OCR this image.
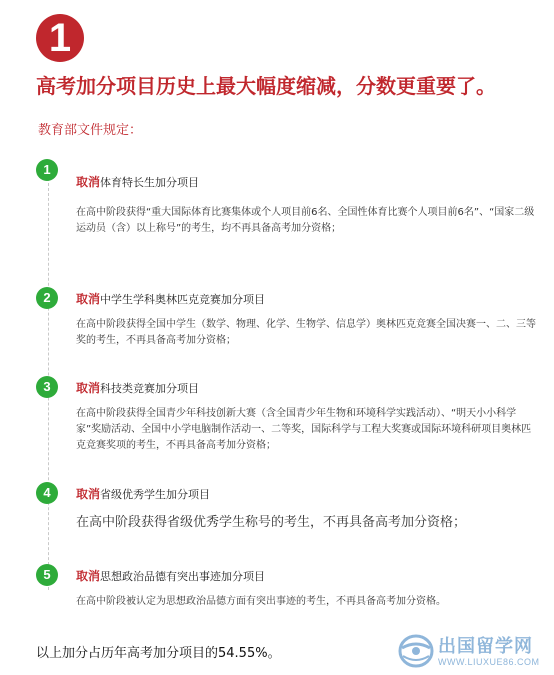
1
高考加分项目历史上最大幅度缩减，分数更重要了。
教育部文件规定：
1
取消体育特长生加分项目
在高中阶段获得“重大国际体育比赛集体或个人项目前6名、全国性体育比赛个人项目前6名”、“国家二级运动员（含）以上称号”的考生，均不再具备高考加分资格；
2	取消中学生学科奥林匹克竞赛加分项目
在高中阶段获得全国中学生（数学、物理、化学、生物学、信息学）奥林匹克竞赛全国决赛一、二、三等奖的考生，不再具备高考加分资格；
3	取消科技类竞赛加分项目
在高中阶段获得全国青少年科技创新大赛（含全国青少年生物和环境科学实践活动）、“明天小小科学家”奖励活动、全国中小学电脑制作活动一、二等奖，国际科学与工程大奖赛或国际环境科研项目奥林匹克竞赛奖项的考生，不再具备高考加分资格；
4	取消省级优秀学生加分项目
在高中阶段获得省级优秀学生称号的考生，不再具备高考加分资格；
5	取消思想政治品德有突出事迹加分项目
在高中阶段被认定为思想政治品德方面有突出事迹的考生，不再具备高考加分资格。
以上加分占历年高考加分项目的54.55%。	出国留学网
WWW.LIUXUE86.COM
